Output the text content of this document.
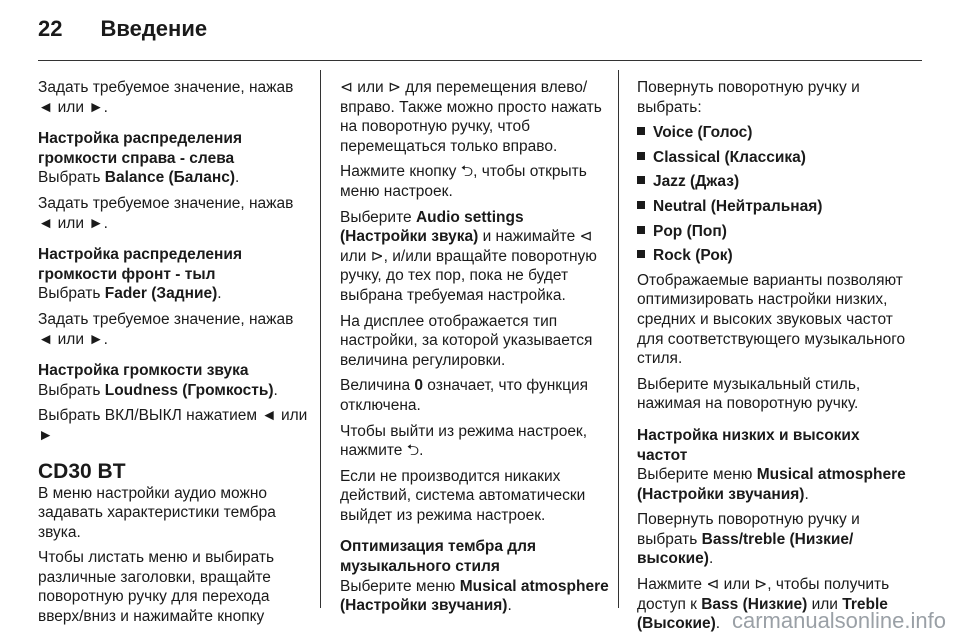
22 Введение

Задать требуемое значение, нажав ◄ или ►.

Настройка распределения громкости справа - слева

Выбрать Balance (Баланс).

Задать требуемое значение, нажав ◄ или ►.

Настройка распределения громкости фронт - тыл

Выбрать Fader (Задние).

Задать требуемое значение, нажав ◄ или ►.

Настройка громкости звука

Выбрать Loudness (Громкость).

Выбрать ВКЛ/ВЫКЛ нажатием ◄ или ►

CD30 BT

В меню настройки аудио можно задавать характеристики тембра звука.

Чтобы листать меню и выбирать различные заголовки, вращайте поворотную ручку для перехода вверх/вниз и нажимайте кнопку

⊲ или ⊳ для перемещения влево/вправо. Также можно просто нажать на поворотную ручку, чтоб перемещаться только вправо.

Нажмите кнопку ⮌, чтобы открыть меню настроек.

Выберите Audio settings (Настройки звука) и нажимайте ⊲ или ⊳, и/или вращайте поворотную ручку, до тех пор, пока не будет выбрана требуемая настройка.

На дисплее отображается тип настройки, за которой указывается величина регулировки.

Величина 0 означает, что функция отключена.

Чтобы выйти из режима настроек, нажмите ⮌.

Если не производится никаких действий, система автоматически выйдет из режима настроек.

Оптимизация тембра для музыкального стиля

Выберите меню Musical atmosphere (Настройки звучания).

Повернуть поворотную ручку и выбрать:

Voice (Голос)
Classical (Классика)
Jazz (Джаз)
Neutral (Нейтральная)
Pop (Поп)
Rock (Рок)

Отображаемые варианты позволяют оптимизировать настройки низких, средних и высоких звуковых частот для соответствующего музыкального стиля.

Выберите музыкальный стиль, нажимая на поворотную ручку.

Настройка низких и высоких частот

Выберите меню Musical atmosphere (Настройки звучания).

Повернуть поворотную ручку и выбрать Bass/treble (Низкие/высокие).

Нажмите ⊲ или ⊳, чтобы получить доступ к Bass (Низкие) или Treble (Высокие). carmanualsonline.info
